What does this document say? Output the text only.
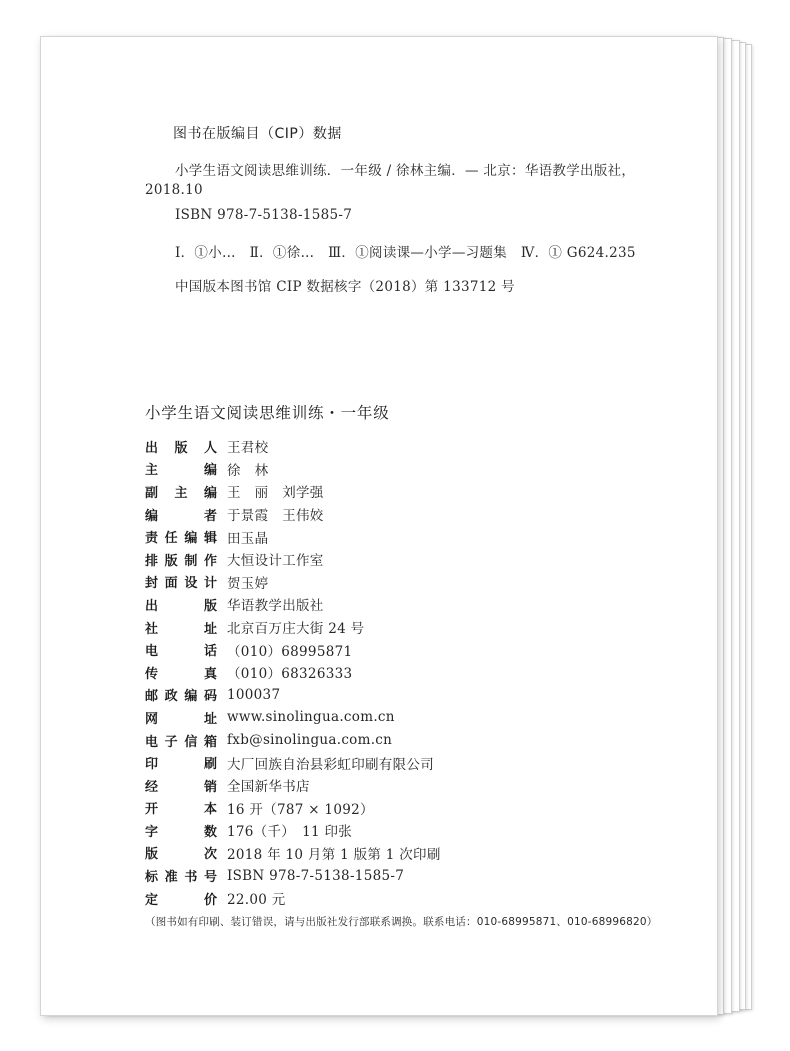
图书在版编目（CIP）数据
小学生语文阅读思维训练．一年级 / 徐林主编．— 北京：华语教学出版社，
2018.10
ISBN 978-7-5138-1585-7
Ⅰ．①小…　Ⅱ．①徐…　Ⅲ．①阅读课—小学—习题集　Ⅳ．① G624.235
中国版本图书馆 CIP 数据核字（2018）第 133712 号
小学生语文阅读思维训练・一年级
出版人 王君校
主编 徐　林
副主编 王　丽　刘学强
编者 于景霞　王伟姣
责任编辑 田玉晶
排版制作 大恒设计工作室
封面设计 贺玉婷
出版 华语教学出版社
社址 北京百万庄大街 24 号
电话 （010）68995871
传真 （010）68326333
邮政编码 100037
网址 www.sinolingua.com.cn
电子信箱 fxb@sinolingua.com.cn
印刷 大厂回族自治县彩虹印刷有限公司
经销 全国新华书店
开本 16 开（787 × 1092）
字数 176（千）　11 印张
版次 2018 年 10 月第 1 版第 1 次印刷
标准书号 ISBN 978-7-5138-1585-7
定价 22.00 元
（图书如有印刷、装订错误，请与出版社发行部联系调换。联系电话：010-68995871、010-68996820）
